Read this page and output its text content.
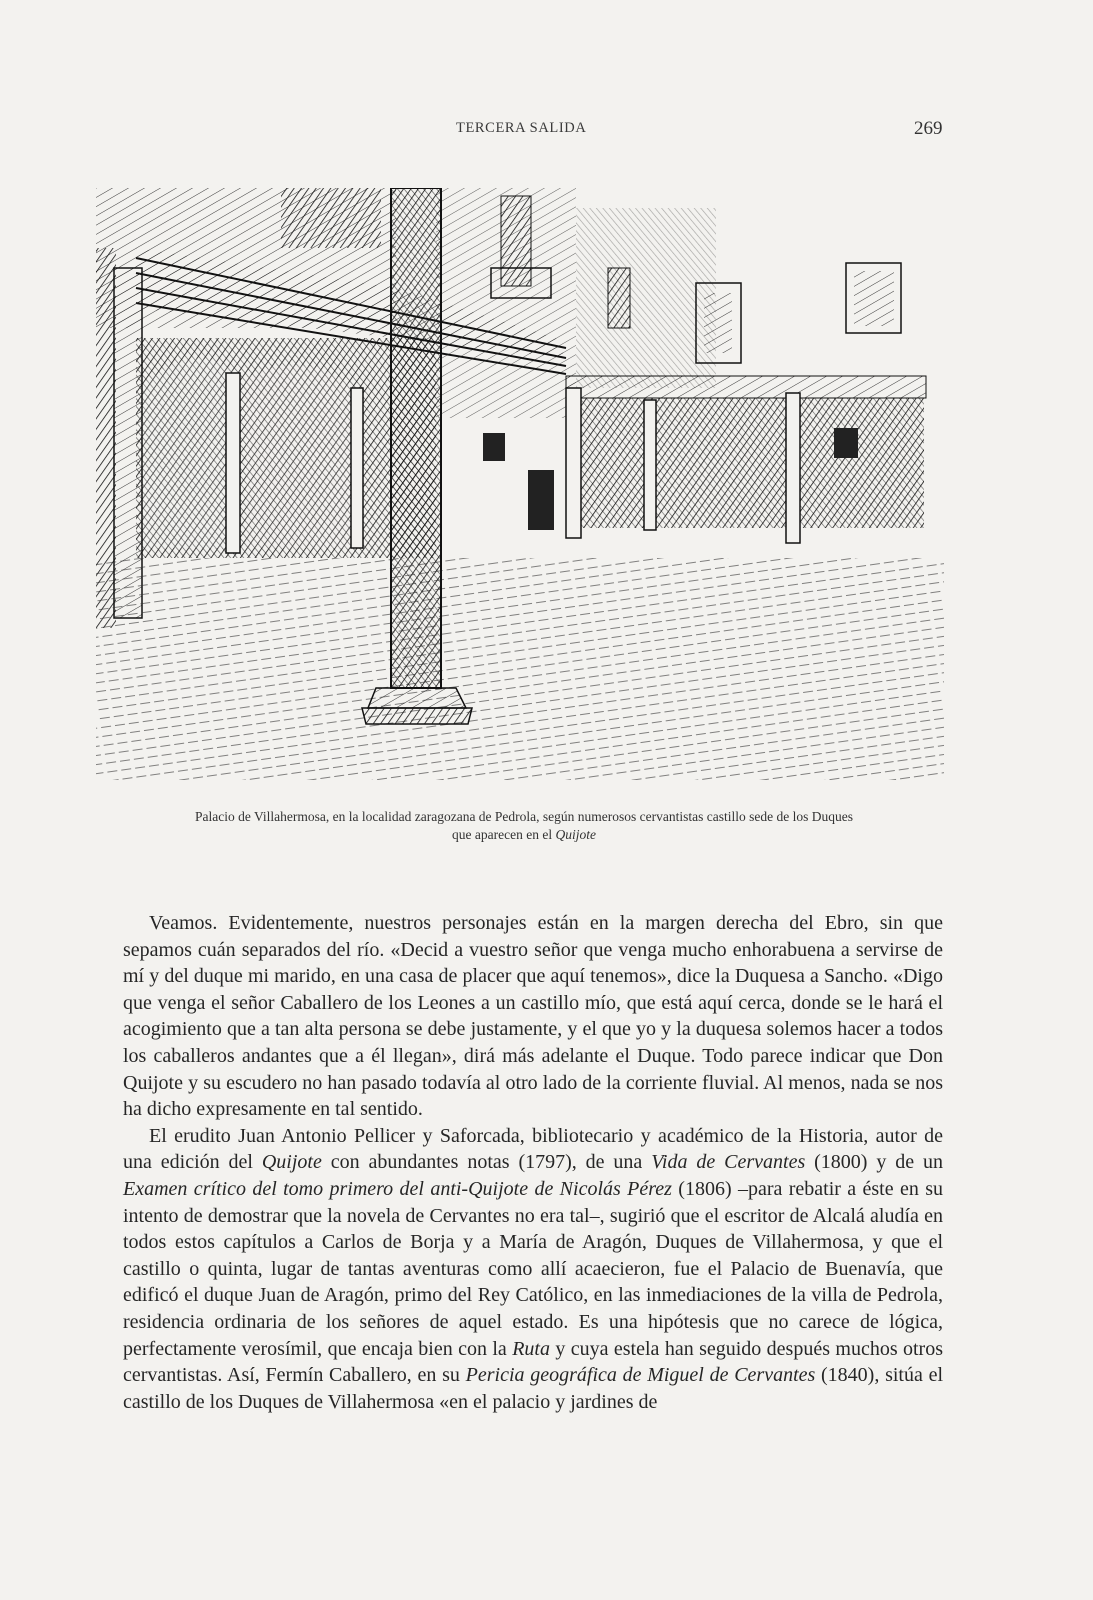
TERCERA SALIDA	269
Palacio de Villahermosa, en la localidad zaragozana de Pedrola, según numerosos cervantistas castillo sede de los Duques
que aparecen en el Quijote

Veamos. Evidentemente, nuestros personajes están en la margen derecha del Ebro, sin que sepamos cuán separados del río. «Decid a vuestro señor que venga mucho enhorabuena a servirse de mí y del duque mi marido, en una casa de placer que aquí tenemos», dice la Duquesa a Sancho. «Digo que venga el señor Caballero de los Leones a un castillo mío, que está aquí cerca, donde se le hará el acogimiento que a tan alta persona se debe justamente, y el que yo y la duquesa solemos hacer a todos los caballeros andantes que a él llegan», dirá más adelante el Duque. Todo parece indicar que Don Quijote y su escudero no han pasado todavía al otro lado de la corriente fluvial. Al menos, nada se nos ha dicho expresamente en tal sentido.

El erudito Juan Antonio Pellicer y Saforcada, bibliotecario y académico de la Historia, autor de una edición del Quijote con abundantes notas (1797), de una Vida de Cervantes (1800) y de un Examen crítico del tomo primero del anti-Quijote de Nicolás Pérez (1806) –para rebatir a éste en su intento de demostrar que la novela de Cervantes no era tal–, sugirió que el escritor de Alcalá aludía en todos estos capítulos a Carlos de Borja y a María de Aragón, Duques de Villahermosa, y que el castillo o quinta, lugar de tantas aventuras como allí acaecieron, fue el Palacio de Buenavía, que edificó el duque Juan de Aragón, primo del Rey Católico, en las inmediaciones de la villa de Pedrola, residencia ordinaria de los señores de aquel estado. Es una hipótesis que no carece de lógica, perfectamente verosímil, que encaja bien con la Ruta y cuya estela han seguido después muchos otros cervantistas. Así, Fermín Caballero, en su Pericia geográfica de Miguel de Cervantes (1840), sitúa el castillo de los Duques de Villahermosa «en el palacio y jardines de
